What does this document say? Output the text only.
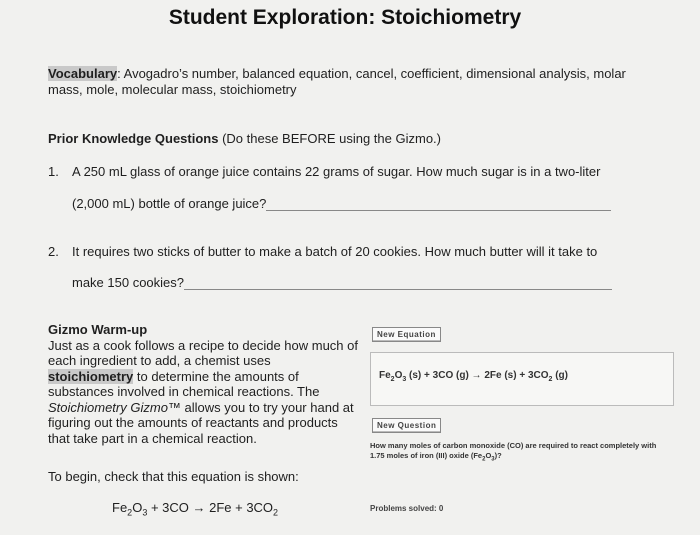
Student Exploration: Stoichiometry
Vocabulary: Avogadro’s number, balanced equation, cancel, coefficient, dimensional analysis, molar mass, mole, molecular mass, stoichiometry
Prior Knowledge Questions (Do these BEFORE using the Gizmo.)
1. A 250 mL glass of orange juice contains 22 grams of sugar. How much sugar is in a two-liter
(2,000 mL) bottle of orange juice?
2. It requires two sticks of butter to make a batch of 20 cookies. How much butter will it take to
make 150 cookies?
Gizmo Warm-up
Just as a cook follows a recipe to decide how much of each ingredient to add, a chemist uses stoichiometry to determine the amounts of substances involved in chemical reactions. The Stoichiometry Gizmo™ allows you to try your hand at figuring out the amounts of reactants and products that take part in a chemical reaction.
To begin, check that this equation is shown:
$Fe_2O_3 + 3CO \to 2Fe + 3CO_2$
New Equation
$Fe_2O_3$ (s) + 3CO (g) → 2Fe $(s) + 3CO_2$ (g)
New Question
How many moles of carbon monoxide (CO) are required to react completely with 1.75 moles of iron (III) oxide $(Fe_2O_3)$?
Problems solved: 0
